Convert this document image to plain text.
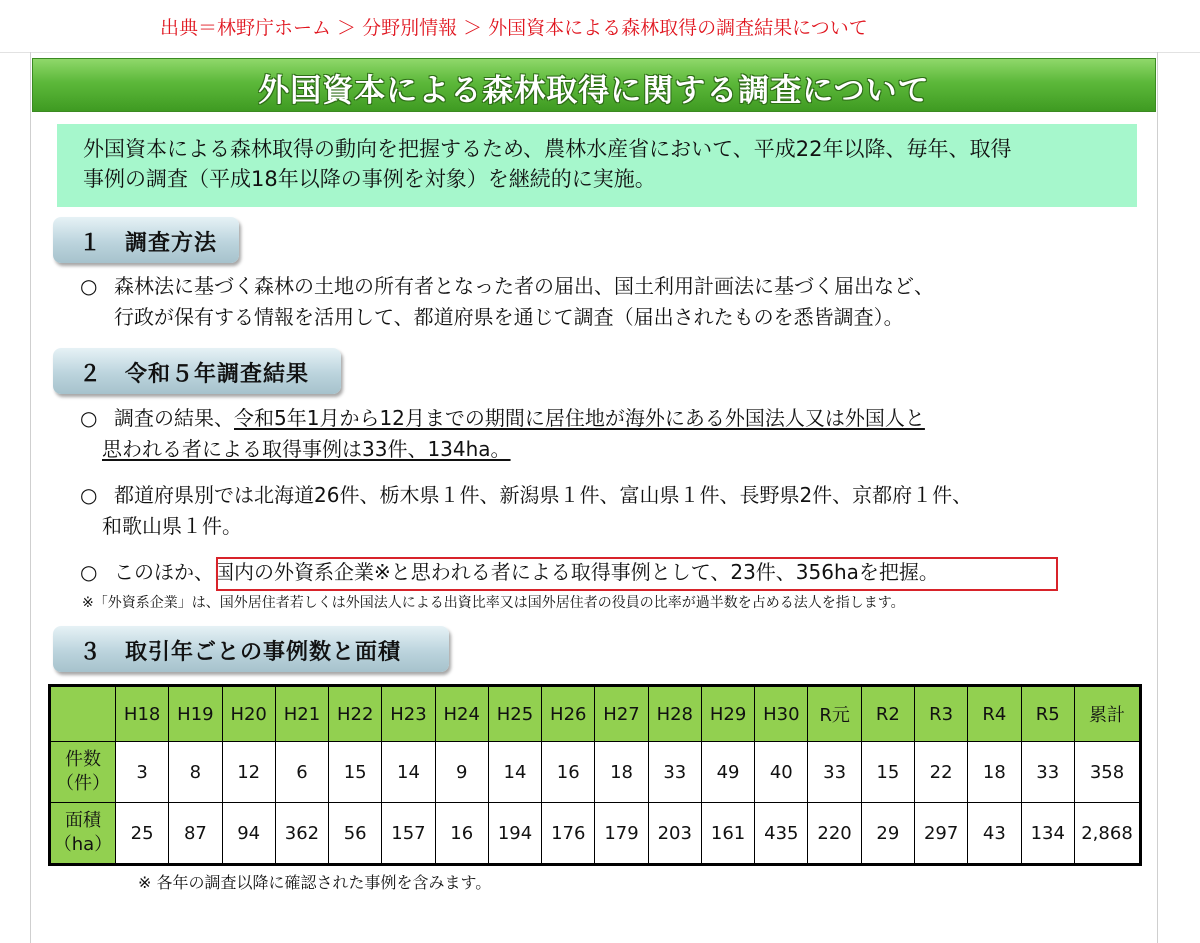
出典＝林野庁ホーム ＞ 分野別情報 ＞ 外国資本による森林取得の調査結果について
外国資本による森林取得に関する調査について
外国資本による森林取得の動向を把握するため、農林水産省において、平成22年以降、毎年、取得
事例の調査（平成18年以降の事例を対象）を継続的に実施。
１　調査方法
○ 森林法に基づく森林の土地の所有者となった者の届出、国土利用計画法に基づく届出など、
行政が保有する情報を活用して、都道府県を通じて調査（届出されたものを悉皆調査）。
２　令和５年調査結果
○ 調査の結果、令和5年1月から12月までの期間に居住地が海外にある外国法人又は外国人と
思われる者による取得事例は33件、134ha。
○ 都道府県別では北海道26件、栃木県１件、新潟県１件、富山県１件、長野県2件、京都府１件、
和歌山県１件。
○ このほか、国内の外資系企業※と思われる者による取得事例として、23件、356haを把握。
※「外資系企業」は、国外居住者若しくは外国法人による出資比率又は国外居住者の役員の比率が過半数を占める法人を指します。
３　取引年ごとの事例数と面積
	H18	H19	H20	H21	H22	H23	H24	H25	H26	H27	H28	H29	H30	R元	R2	R3	R4	R5	累計
件数
（件）	3	8	12	6	15	14	9	14	16	18	33	49	40	33	15	22	18	33	358
面積
（ha）	25	87	94	362	56	157	16	194	176	179	203	161	435	220	29	297	43	134	2,868
※ 各年の調査以降に確認された事例を含みます。
